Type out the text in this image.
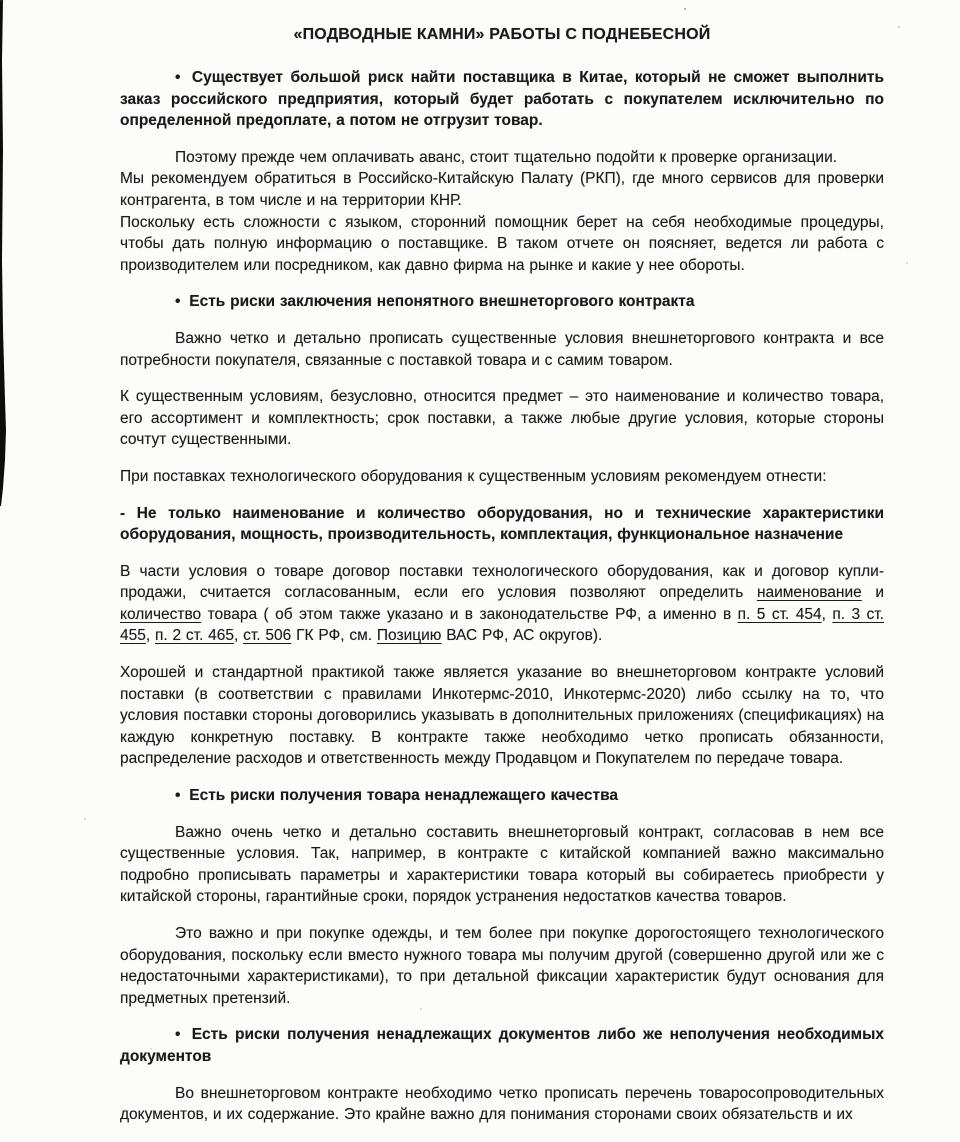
«ПОДВОДНЫЕ КАМНИ» РАБОТЫ С ПОДНЕБЕСНОЙ

• Существует большой риск найти поставщика в Китае, который не сможет выполнить заказ российского предприятия, который будет работать с покупателем исключительно по определенной предоплате, а потом не отгрузит товар.

Поэтому прежде чем оплачивать аванс, стоит тщательно подойти к проверке организации.

Мы рекомендуем обратиться в Российско-Китайскую Палату (РКП), где много сервисов для проверки контрагента, в том числе и на территории КНР.

Поскольку есть сложности с языком, сторонний помощник берет на себя необходимые процедуры, чтобы дать полную информацию о поставщике. В таком отчете он поясняет, ведется ли работа с производителем или посредником, как давно фирма на рынке и какие у нее обороты.

• Есть риски заключения непонятного внешнеторгового контракта

Важно четко и детально прописать существенные условия внешнеторгового контракта и все потребности покупателя, связанные с поставкой товара и с самим товаром.

К существенным условиям, безусловно, относится предмет – это наименование и количество товара, его ассортимент и комплектность; срок поставки, а также любые другие условия, которые стороны сочтут существенными.

При поставках технологического оборудования к существенным условиям рекомендуем отнести:

- Не только наименование и количество оборудования, но и технические характеристики оборудования, мощность, производительность, комплектация, функциональное назначение

В части условия о товаре договор поставки технологического оборудования, как и договор купли-продажи, считается согласованным, если его условия позволяют определить наименование и количество товара ( об этом также указано и в законодательстве РФ, а именно в п. 5 ст. 454, п. 3 ст. 455, п. 2 ст. 465, ст. 506 ГК РФ, см. Позицию ВАС РФ, АС округов).

Хорошей и стандартной практикой также является указание во внешнеторговом контракте условий поставки (в соответствии с правилами Инкотермс-2010, Инкотермс-2020) либо ссылку на то, что условия поставки стороны договорились указывать в дополнительных приложениях (спецификациях) на каждую конкретную поставку. В контракте также необходимо четко прописать обязанности, распределение расходов и ответственность между Продавцом и Покупателем по передаче товара.

• Есть риски получения товара ненадлежащего качества

Важно очень четко и детально составить внешнеторговый контракт, согласовав в нем все существенные условия. Так, например, в контракте с китайской компанией важно максимально подробно прописывать параметры и характеристики товара который вы собираетесь приобрести у китайской стороны, гарантийные сроки, порядок устранения недостатков качества товаров.

Это важно и при покупке одежды, и тем более при покупке дорогостоящего технологического оборудования, поскольку если вместо нужного товара мы получим другой (совершенно другой или же с недостаточными характеристиками), то при детальной фиксации характеристик будут основания для предметных претензий.

• Есть риски получения ненадлежащих документов либо же неполучения необходимых документов

Во внешнеторговом контракте необходимо четко прописать перечень товаросопроводительных документов, и их содержание. Это крайне важно для понимания сторонами своих обязательств и их
